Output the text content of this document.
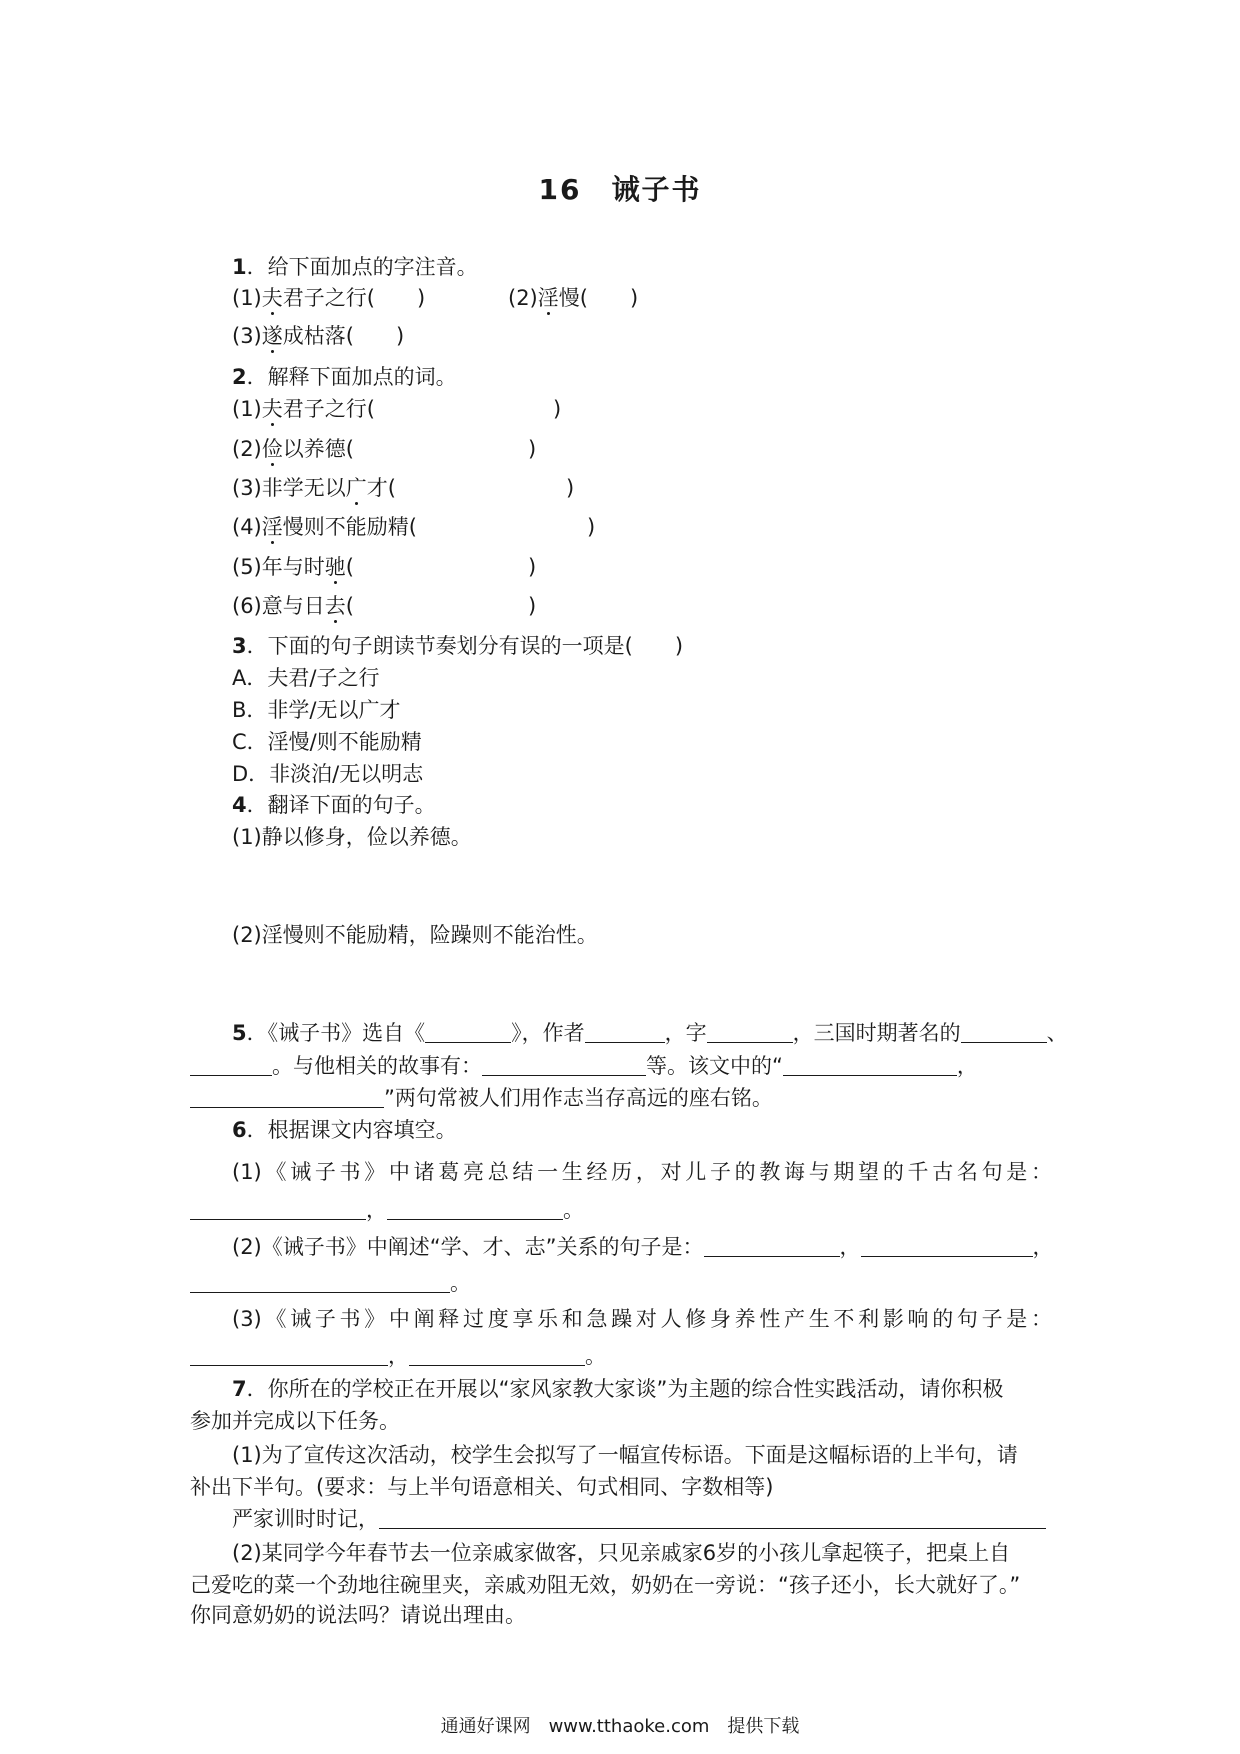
16　诫子书
1．给下面加点的字注音。
(1)夫君子之行(　　)	(2)淫慢(　　)
(3)遂成枯落(　　)
2．解释下面加点的词。
(1)夫君子之行(	)
(2)俭以养德(	)
(3)非学无以广才(	)
(4)淫慢则不能励精(	)
(5)年与时驰(	)
(6)意与日去(	)
3．下面的句子朗读节奏划分有误的一项是(　　)
A．夫君/子之行
B．非学/无以广才
C．淫慢/则不能励精
D．非淡泊/无以明志
4．翻译下面的句子。
(1)静以修身，俭以养德。
(2)淫慢则不能励精，险躁则不能治性。
5．《诫子书》选自《	》，作者	，字	，三国时期著名的	、
。与他相关的故事有：	等。该文中的“	，
”两句常被人们用作志当存高远的座右铭。
6．根据课文内容填空。
(1)《诫子书》中诸葛亮总结一生经历，对儿子的教诲与期望的千古名句是：
，	。
(2)《诫子书》中阐述“学、才、志”关系的句子是：	，	，
。
(3)《诫子书》中阐释过度享乐和急躁对人修身养性产生不利影响的句子是：
，	。
7．你所在的学校正在开展以“家风家教大家谈”为主题的综合性实践活动，请你积极
参加并完成以下任务。
(1)为了宣传这次活动，校学生会拟写了一幅宣传标语。下面是这幅标语的上半句，请
补出下半句。(要求：与上半句语意相关、句式相同、字数相等)
严家训时时记，
(2)某同学今年春节去一位亲戚家做客，只见亲戚家6岁的小孩儿拿起筷子，把桌上自
己爱吃的菜一个劲地往碗里夹，亲戚劝阻无效，奶奶在一旁说：“孩子还小，长大就好了。”
你同意奶奶的说法吗？请说出理由。
通通好课网　www.tthaoke.com　提供下载
